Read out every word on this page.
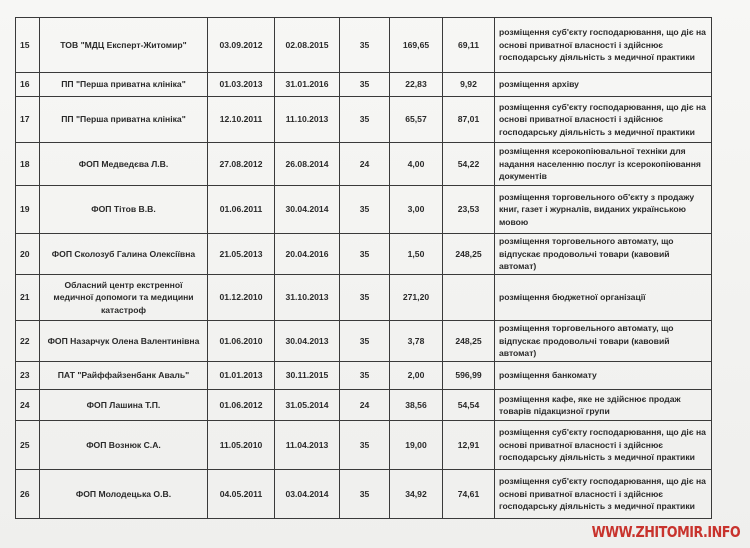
15	ТОВ "МДЦ Експерт-Житомир"	03.09.2012	02.08.2015	35	169,65	69,11	розміщення суб'єкту господарювання, що діє на основі приватної власності і здійснює господарську діяльність з медичної практики
16	ПП "Перша приватна клініка"	01.03.2013	31.01.2016	35	22,83	9,92	розміщення архіву
17	ПП "Перша приватна клініка"	12.10.2011	11.10.2013	35	65,57	87,01	розміщення суб'єкту господарювання, що діє на основі приватної власності і здійснює господарську діяльність з медичної практики
18	ФОП Медведєва Л.В.	27.08.2012	26.08.2014	24	4,00	54,22	розміщення ксерокопіювальної техніки для надання населенню послуг із ксерокопіювання документів
19	ФОП Тітов В.В.	01.06.2011	30.04.2014	35	3,00	23,53	розміщення торговельного об'єкту з продажу книг, газет і журналів, виданих українською мовою
20	ФОП Сколозуб Галина Олексіївна	21.05.2013	20.04.2016	35	1,50	248,25	розміщення торговельного автомату, що відпускає продовольчі товари (кавовий автомат)
21	Обласний центр екстренної медичної допомоги та медицини катастроф	01.12.2010	31.10.2013	35	271,20		розміщення бюджетної організації
22	ФОП Назарчук Олена Валентинівна	01.06.2010	30.04.2013	35	3,78	248,25	розміщення торговельного автомату, що відпускає продовольчі товари (кавовий автомат)
23	ПАТ "Райффайзенбанк Аваль"	01.01.2013	30.11.2015	35	2,00	596,99	розміщення банкомату
24	ФОП Лашина Т.П.	01.06.2012	31.05.2014	24	38,56	54,54	розміщення кафе, яке не здійснює продаж товарів підакцизної групи
25	ФОП Вознюк С.А.	11.05.2010	11.04.2013	35	19,00	12,91	розміщення суб'єкту господарювання, що діє на основі приватної власності і здійснює господарську діяльність з медичної практики
26	ФОП Молодецька О.В.	04.05.2011	03.04.2014	35	34,92	74,61	розміщення суб'єкту господарювання, що діє на основі приватної власності і здійснює господарську діяльність з медичної практики
WWW.ZHITOMIR.INFO
